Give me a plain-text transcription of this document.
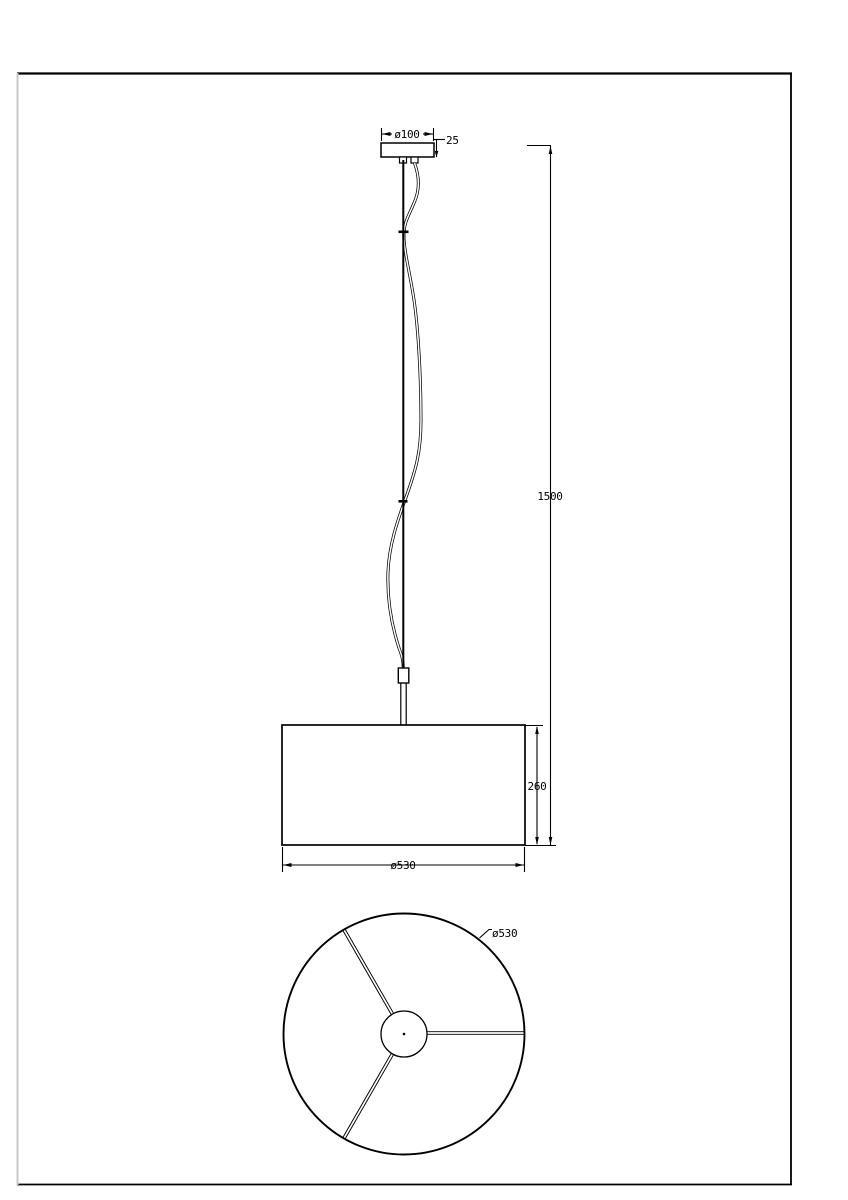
ø100 25
260
1500
ø530
ø530
